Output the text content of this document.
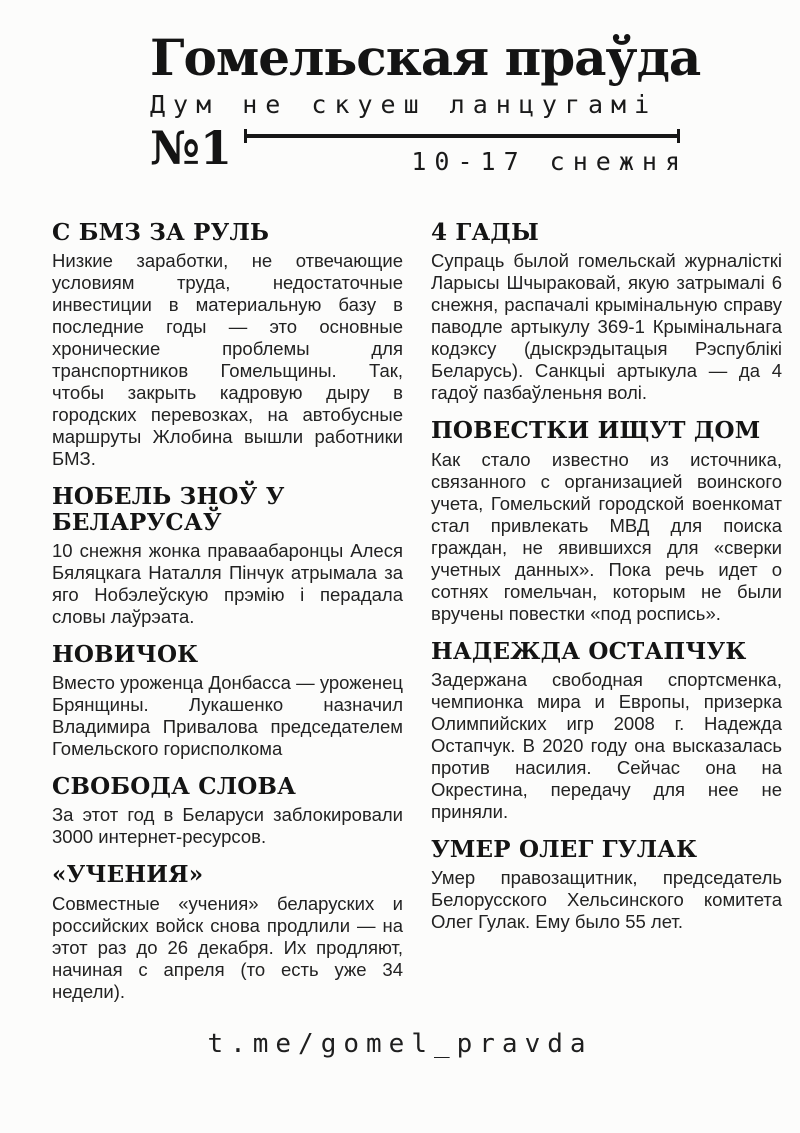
Гомельская праўда
Дум не скуеш ланцугамі
№1	10-17 снежня
С БМЗ ЗА РУЛЬ

Низкие заработки, не отвечающие условиям труда, недостаточные инвестиции в материальную базу в последние годы — это основные хронические проблемы для транспортников Гомельщины. Так, чтобы закрыть кадровую дыру в городских перевозках, на автобусные маршруты Жлобина вышли работники БМЗ.

НОБЕЛЬ ЗНОЎ У БЕЛАРУСАЎ

10 снежня жонка праваабаронцы Алеся Бяляцкага Наталля Пінчук атрымала за яго Нобэлеўскую прэмію і перадала словы лаўрэата.

НОВИЧОК

Вместо уроженца Донбасса — уроженец Брянщины. Лукашенко назначил Владимира Привалова председателем Гомельского горисполкома

СВОБОДА СЛОВА

За этот год в Беларуси заблокировали 3000 интернет-ресурсов.

«УЧЕНИЯ»

Совместные «учения» беларуских и российских войск снова продлили — на этот раз до 26 декабря. Их продляют, начиная с апреля (то есть уже 34 недели).

4 ГАДЫ

Супраць былой гомельскай журналісткі Ларысы Шчыраковай, якую затрымалі 6 снежня, распачалі крымінальную справу паводле артыкулу 369-1 Крымінальнага кодэксу (дыскрэдытацыя Рэспублікі Беларусь). Санкцыі артыкула — да 4 гадоў пазбаўленьня волі.

ПОВЕСТКИ ИЩУТ ДОМ

Как стало известно из источника, связанного с организацией воинского учета, Гомельский городской военкомат стал привлекать МВД для поиска граждан, не явившихся для «сверки учетных данных». Пока речь идет о сотнях гомельчан, которым не были вручены повестки «под роспись».

НАДЕЖДА ОСТАПЧУК

Задержана свободная спортсменка, чемпионка мира и Европы, призерка Олимпийских игр 2008 г. Надежда Остапчук. В 2020 году она высказалась против насилия. Сейчас она на Окрестина, передачу для нее не приняли.

УМЕР ОЛЕГ ГУЛАК

Умер правозащитник, председатель Белорусского Хельсинского комитета Олег Гулак. Ему было 55 лет.

t.me/gomel_pravda
